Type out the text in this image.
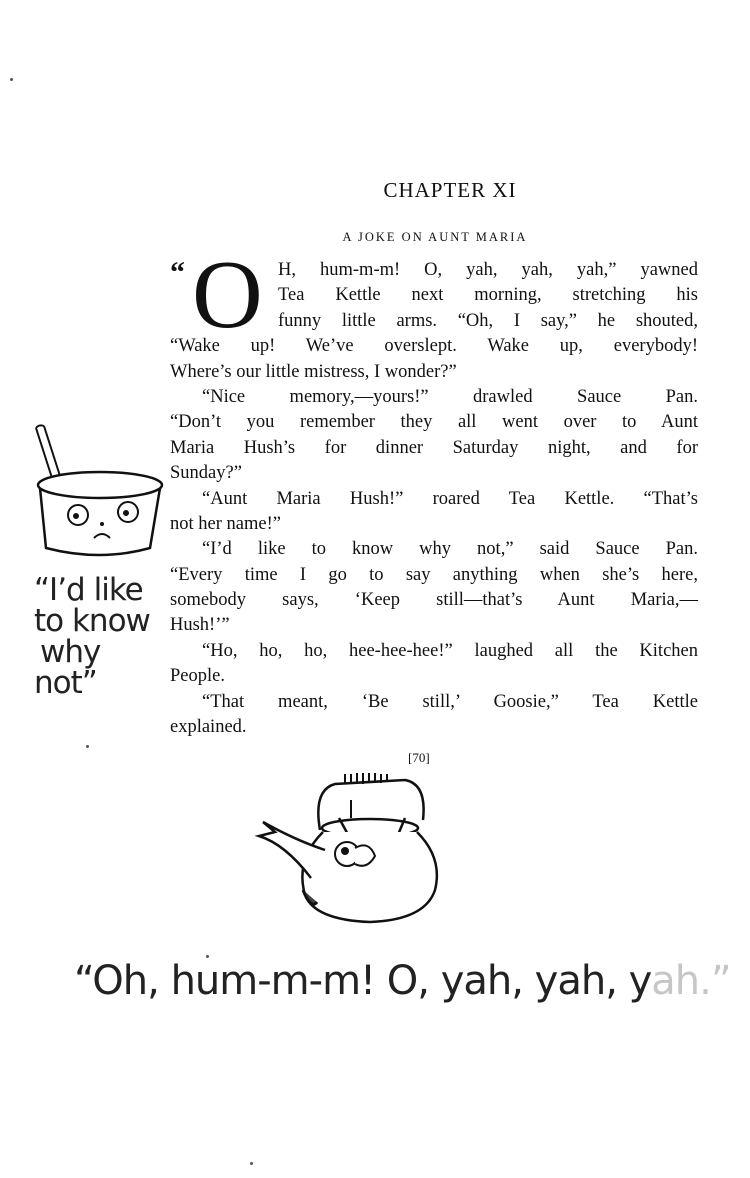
CHAPTER XI
A JOKE ON AUNT MARIA
“ O H, hum-m-m! O, yah, yah, yah,” yawned
Tea Kettle next morning, stretching his
funny little arms. “Oh, I say,” he shouted,
“Wake up! We’ve overslept. Wake up, everybody!
Where’s our little mistress, I wonder?”
“Nice memory,—yours!” drawled Sauce Pan.
“Don’t you remember they all went over to Aunt
Maria Hush’s for dinner Saturday night, and for
Sunday?”
“Aunt Maria Hush!” roared Tea Kettle. “That’s
not her name!”
“I’d like to know why not,” said Sauce Pan.
“Every time I go to say anything when she’s here,
somebody says, ‘Keep still—that’s Aunt Maria,—
Hush!’”
“Ho, ho, ho, hee-hee-hee!” laughed all the Kitchen
People.
“That meant, ‘Be still,’ Goosie,” Tea Kettle
explained.
“I’d like
to know
why
not”
[70]
“Oh, hum-m-m! O, yah, yah, yah.”
